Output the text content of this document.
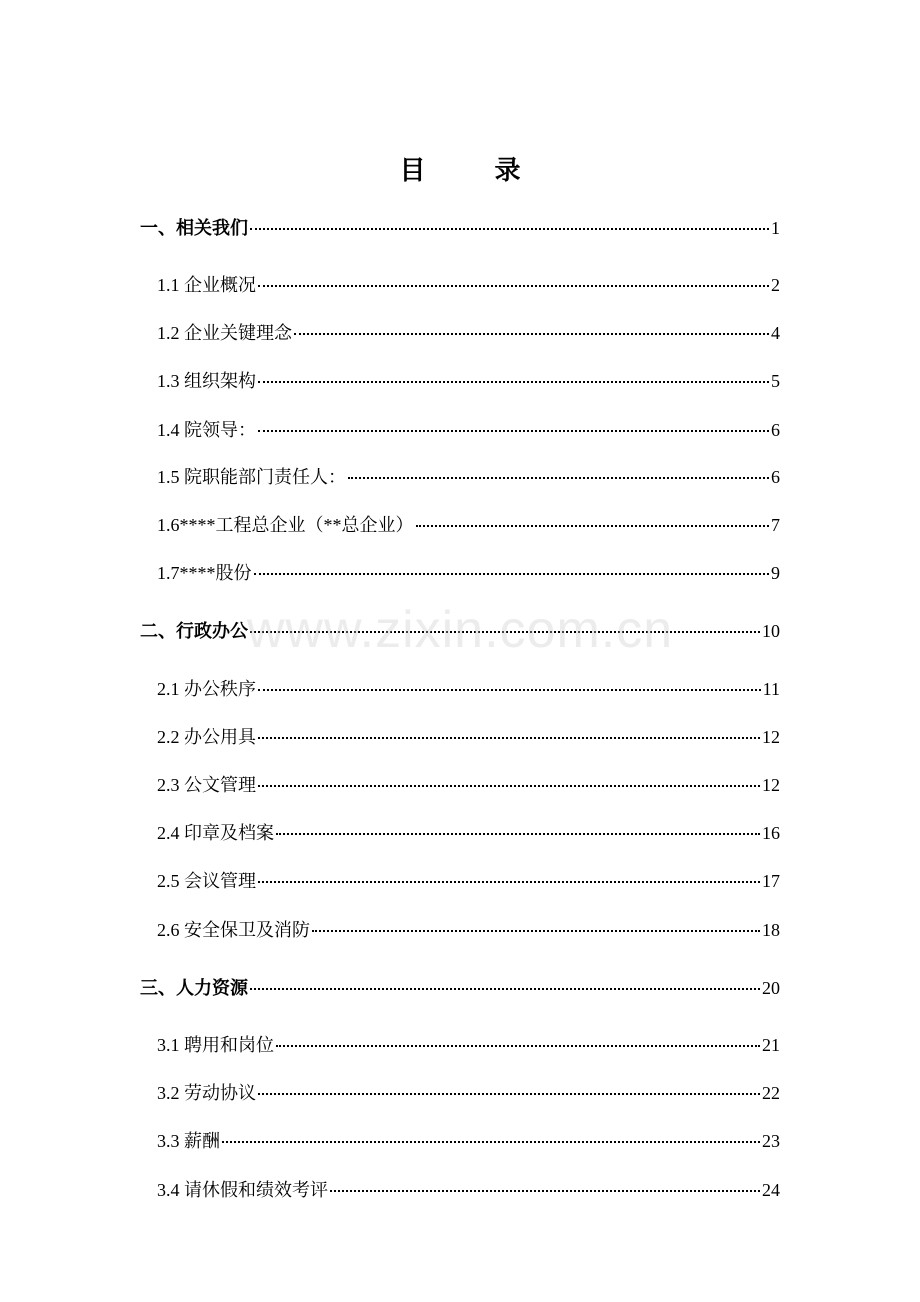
目 录
一、相关我们	1
1.1 企业概况	2
1.2 企业关键理念	4
1.3 组织架构	5
1.4 院领导：	6
1.5 院职能部门责任人：	6
1.6****工程总企业（**总企业）	7
1.7****股份	9
二、行政办公	10
2.1 办公秩序	11
2.2 办公用具	12
2.3 公文管理	12
2.4 印章及档案	16
2.5 会议管理	17
2.6 安全保卫及消防	18
三、人力资源	20
3.1 聘用和岗位	21
3.2 劳动协议	22
3.3 薪酬	23
3.4 请休假和绩效考评	24
www.zixin.com.cn
